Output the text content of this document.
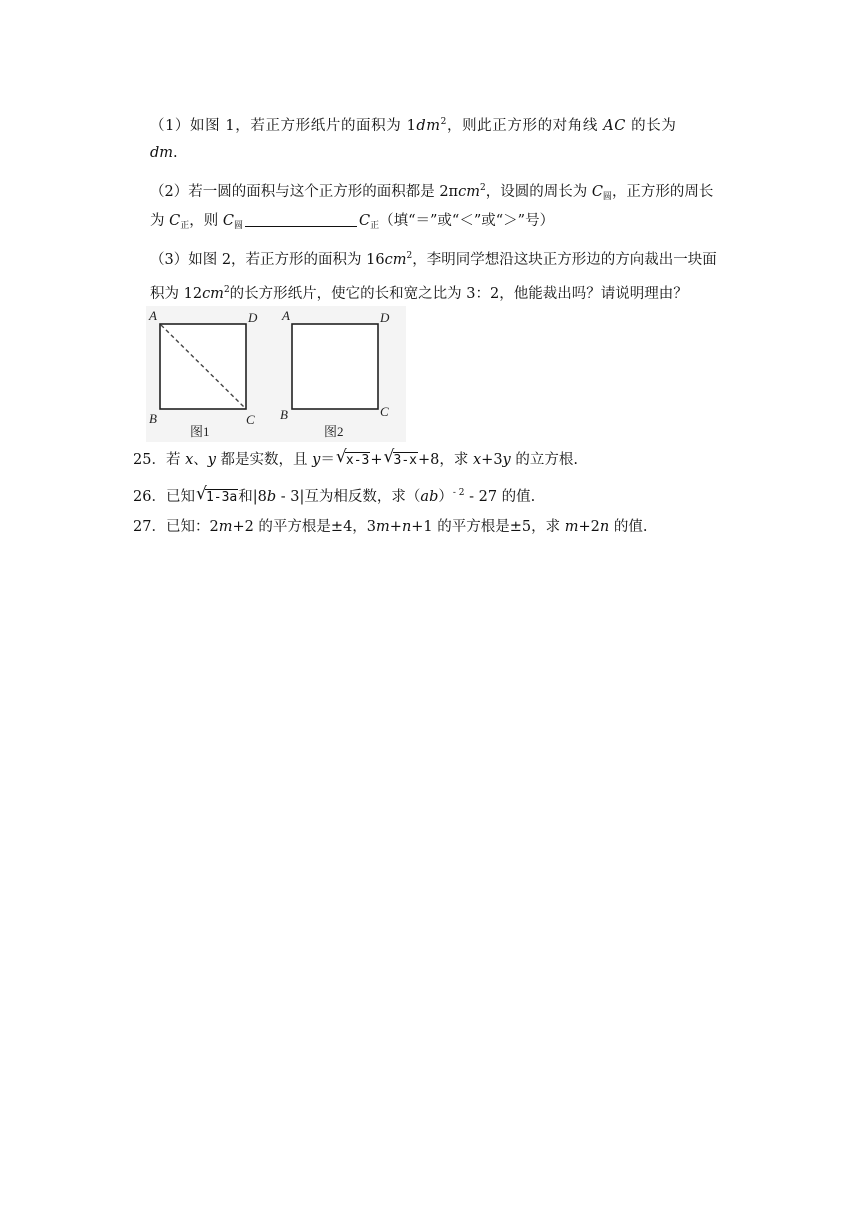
（1）如图 1，若正方形纸片的面积为 $1dm^2$，则此正方形的对角线 AC 的长为
dm.
（2）若一圆的面积与这个正方形的面积都是 2πcm$^2$，设圆的周长为 $C_圆$，正方形的周长
为 $C_正$，则 $C_圆$	$C_正$（填“＝”或“＜”或“＞”号）
（3）如图 2，若正方形的面积为 $16cm^2$，李明同学想沿这块正方形边的方向裁出一块面
积为 $12cm^2$的长方形纸片，使它的长和宽之比为 3：2，他能裁出吗？请说明理由？
A	D
B	C
图1
A	D
B	C
图2
25．若 x、y 都是实数，且 y＝ √ x-3+ √ 3-x+8，求 x+3y 的立方根.
26．已知 √ 1-3a和|8b - 3|互为相反数，求（ab）$^{- 2}$ - 27 的值.
27．已知：2m+2 的平方根是±4，3m+n+1 的平方根是±5，求 m+2n 的值.
